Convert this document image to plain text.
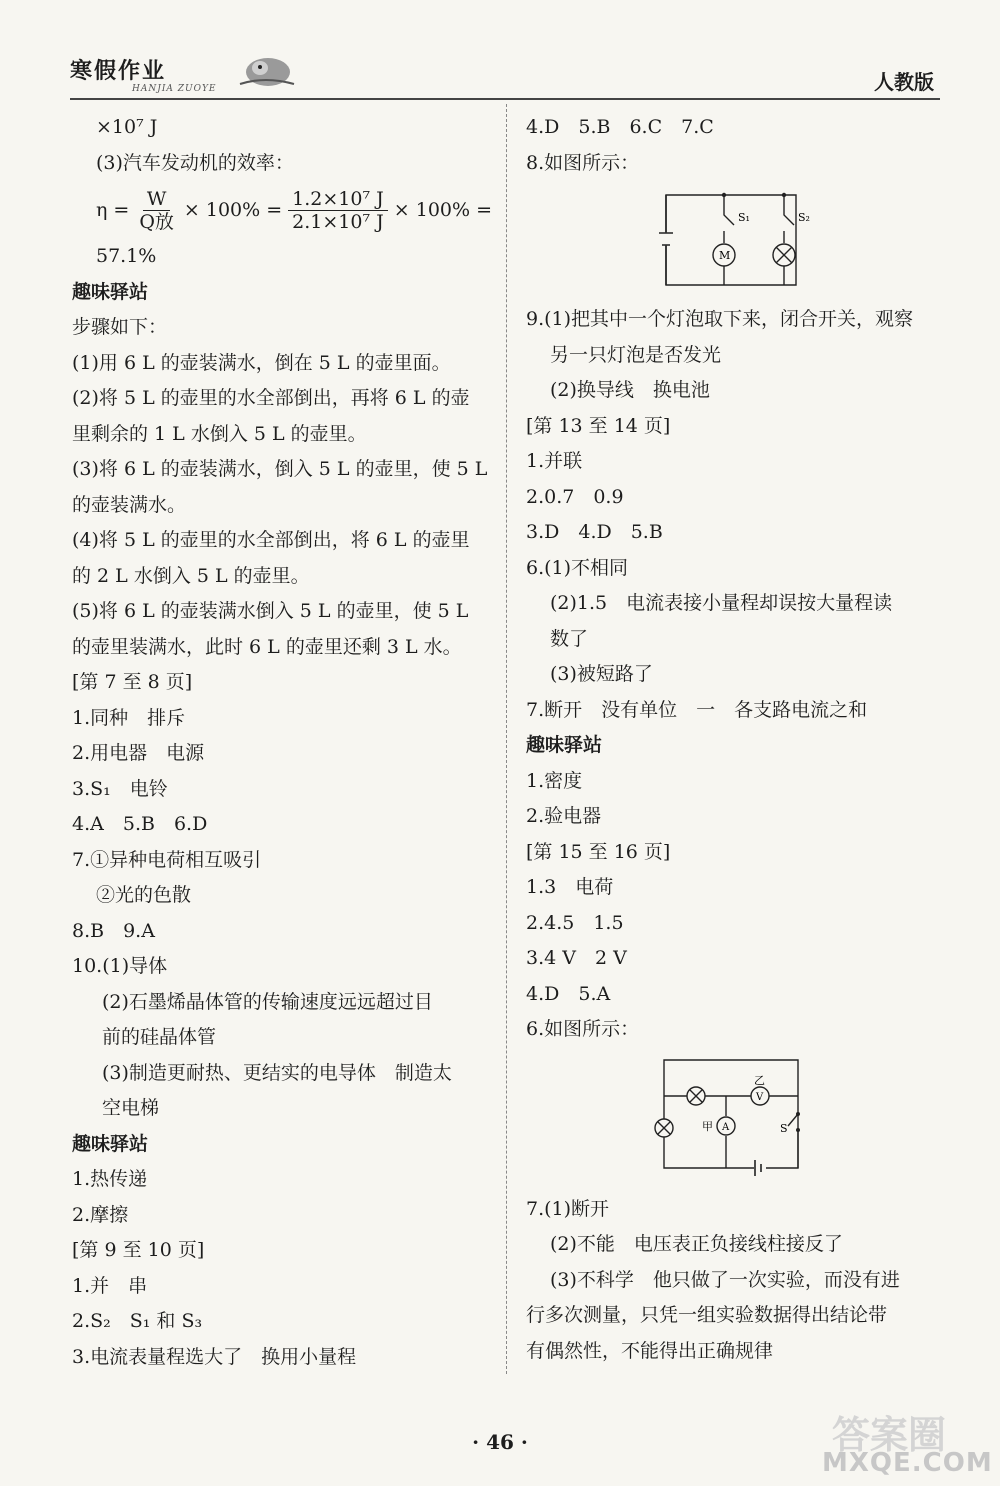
寒假作业
HANJIA ZUOYE	人教版
×10⁷ J
(3)汽车发动机的效率：
$\eta = \frac{W}{\text{Q放}} \times 100\% = \frac{\text{1.2×10⁷ J}}{\text{2.1×10⁷ J}} \times 100\%$ =
57.1%
趣味驿站
步骤如下：
(1)用 6 L 的壶装满水，倒在 5 L 的壶里面。
(2)将 5 L 的壶里的水全部倒出，再将 6 L 的壶
里剩余的 1 L 水倒入 5 L 的壶里。
(3)将 6 L 的壶装满水，倒入 5 L 的壶里，使 5 L
的壶装满水。
(4)将 5 L 的壶里的水全部倒出，将 6 L 的壶里
的 2 L 水倒入 5 L 的壶里。
(5)将 6 L 的壶装满水倒入 5 L 的壶里，使 5 L
的壶里装满水，此时 6 L 的壶里还剩 3 L 水。
[第 7 至 8 页]
1.同种　排斥
2.用电器　电源
3.S₁　电铃
4.A　5.B　6.D
7.①异种电荷相互吸引
②光的色散
8.B　9.A
10.(1)导体
(2)石墨烯晶体管的传输速度远远超过目
前的硅晶体管
(3)制造更耐热、更结实的电导体　制造太
空电梯
趣味驿站
1.热传递
2.摩擦
[第 9 至 10 页]
1.并　串
2.S₂　S₁ 和 S₃
3.电流表量程选大了　换用小量程
4.D　5.B　6.C　7.C
8.如图所示：
S₁	S₂
M
9.(1)把其中一个灯泡取下来，闭合开关，观察
另一只灯泡是否发光
(2)换导线　换电池
[第 13 至 14 页]
1.并联
2.0.7　0.9
3.D　4.D　5.B
6.(1)不相同
(2)1.5　电流表接小量程却误按大量程读
数了
(3)被短路了
7.断开　没有单位　一　各支路电流之和
趣味驿站
1.密度
2.验电器
[第 15 至 16 页]
1.3　电荷
2.4.5　1.5
3.4 V　2 V
4.D　5.A
6.如图所示：
乙
V
甲 A	S
7.(1)断开
(2)不能　电压表正负接线柱接反了
(3)不科学　他只做了一次实验，而没有进
行多次测量，只凭一组实验数据得出结论带
有偶然性，不能得出正确规律
· 46 ·	答案圈
MXQE.COM
